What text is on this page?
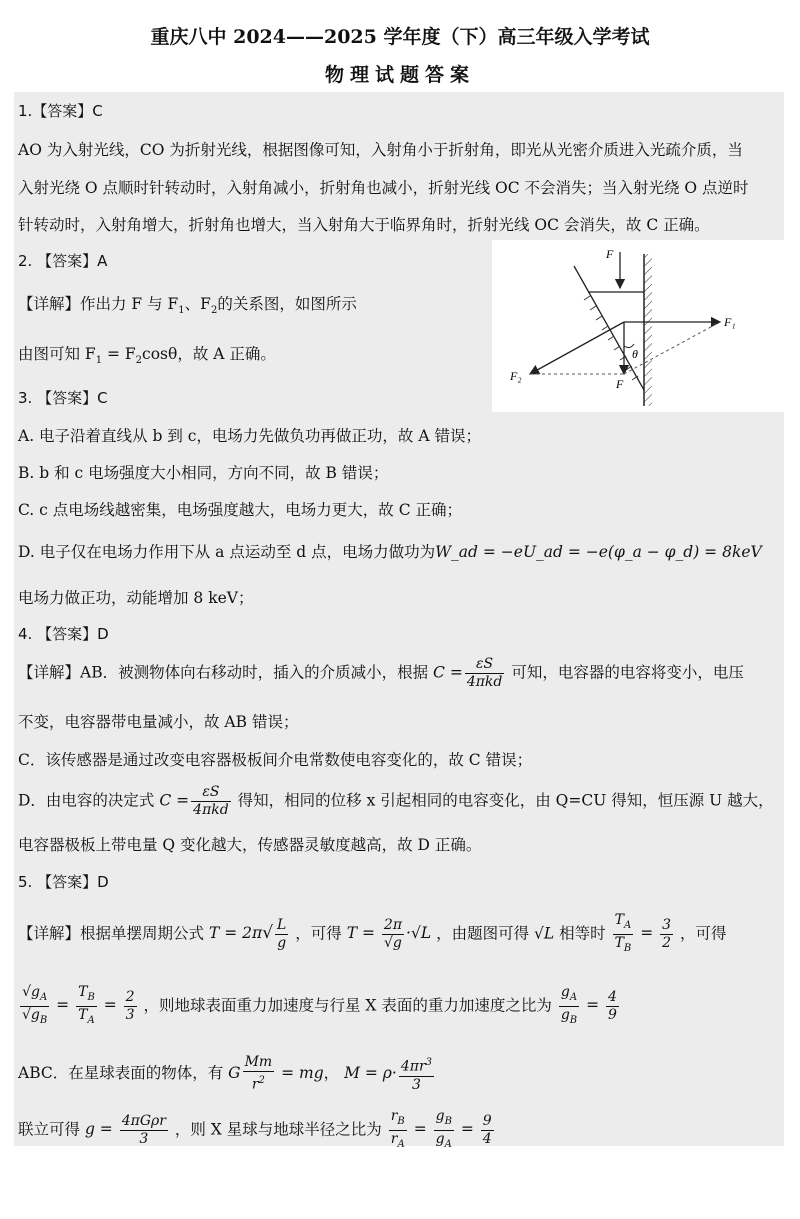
重庆八中 2024——2025 学年度（下）高三年级入学考试
物理试题答案
1.【答案】C
AO 为入射光线，CO 为折射光线，根据图像可知，入射角小于折射角，即光从光密介质进入光疏介质，当
入射光绕 O 点顺时针转动时，入射角减小，折射角也减小，折射光线 OC 不会消失；当入射光绕 O 点逆时
针转动时，入射角增大，折射角也增大，当入射角大于临界角时，折射光线 OC 会消失，故 C 正确。
2. 【答案】A
【详解】作出力 F 与 $F_1$、$F_2$的关系图，如图所示
由图可知 $F_1 = F_2\cos\theta$，故 A 正确。
F
F₁
F₂
F
θ
3. 【答案】C
A. 电子沿着直线从 b 到 c，电场力先做负功再做正功，故 A 错误；
B. b 和 c 电场强度大小相同，方向不同，故 B 错误；
C. c 点电场线越密集，电场强度越大，电场力更大，故 C 正确；
D. 电子仅在电场力作用下从 a 点运动至 d 点，电场力做功为W_ad = −eU_ad = −e(φ_a − φ_d) = 8keV
电场力做正功，动能增加 8 keV；
4. 【答案】D
【详解】AB．被测物体向右移动时，插入的介质减小，根据 $C = \frac{\varepsilon S}{\text{4πkd}}$ 可知，电容器的电容将变小，电压
不变，电容器带电量减小，故 AB 错误；
C．该传感器是通过改变电容器极板间介电常数使电容变化的，故 C 错误；
D．由电容的决定式 $C = \frac{\varepsilon S}{\text{4πkd}}$ 得知，相同的位移 x 引起相同的电容变化，由 Q=CU 得知，恒压源 U 越大，
电容器极板上带电量 Q 变化越大，传感器灵敏度越高，故 D 正确。
5. 【答案】D
【详解】根据单摆周期公式 $T = 2\pi√ \frac{L}{g}$ ，可得 $T = \frac{2\pi}{√g} \cdot√L$ ，由题图可得 √L 相等时 $\frac{T_A}{T_B} = \frac{3}{2}$ ，可得
$\frac{√g_A}{√g_B} = \frac{T_B}{T_A} = \frac{2}{3}$ ，则地球表面重力加速度与行星 X 表面的重力加速度之比为 $\frac{g_A}{g_B} = \frac{4}{9}$
ABC．在星球表面的物体，有 G $\frac{Mm}{r^2}$ = mg， $M = \rho\cdot \frac{4\pi r^3}{3}$
联立可得 $g = \frac{\text{4πGρr}}{3}$ ，则 X 星球与地球半径之比为 $\frac{r_B}{r_A} = \frac{g_B}{g_A} = \frac{9}{4}$
